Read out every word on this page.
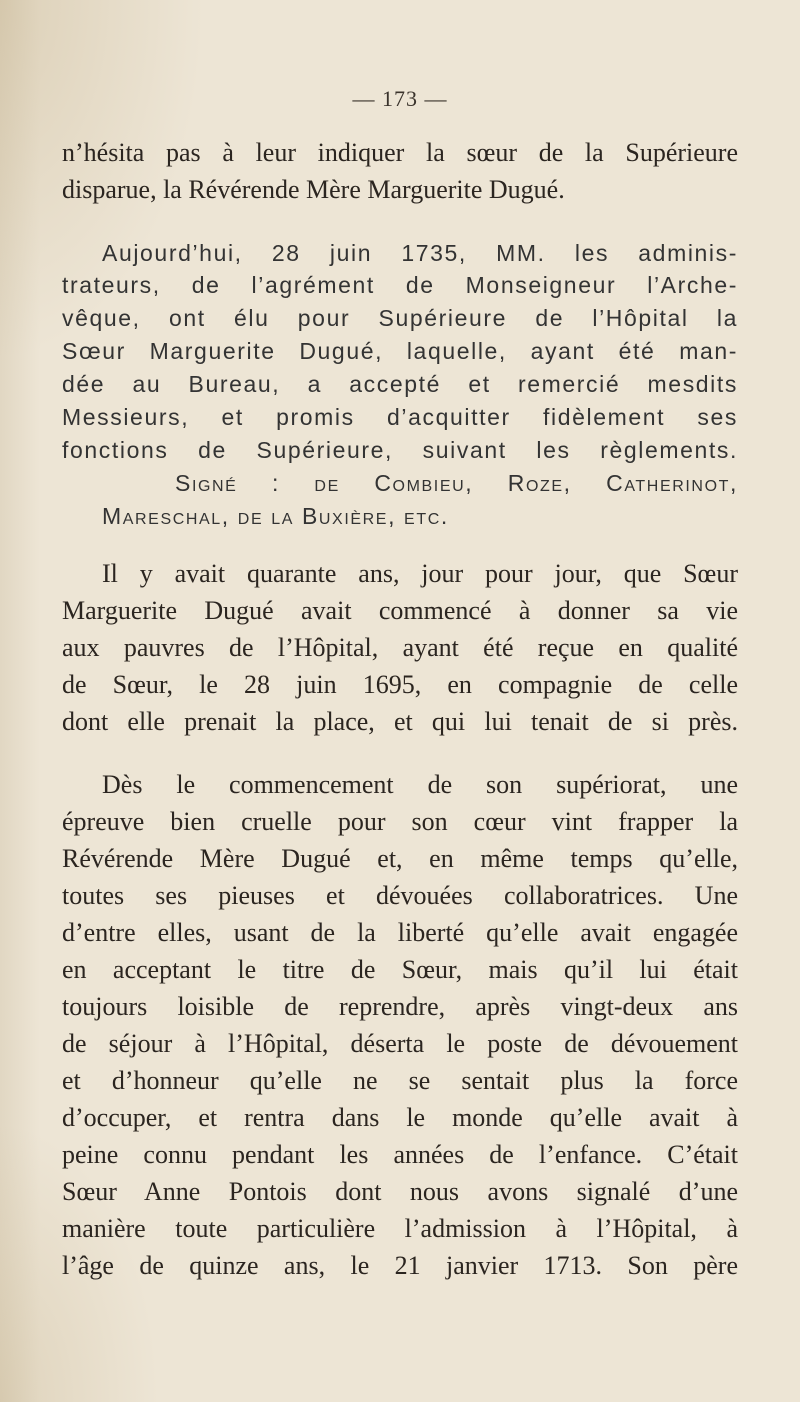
— 173 —
n’hésita pas à leur indiquer la sœur de la Supérieure
disparue, la Révérende Mère Marguerite Dugué.
Aujourd’hui, 28 juin 1735, MM. les adminis-
trateurs, de l’agrément de Monseigneur l’Arche-
vêque, ont élu pour Supérieure de l’Hôpital la
Sœur Marguerite Dugué, laquelle, ayant été man-
dée au Bureau, a accepté et remercié mesdits
Messieurs, et promis d’acquitter fidèlement ses
fonctions de Supérieure, suivant les règlements.
Signé : de Combieu, Roze, Catherinot,
Mareschal, de la Buxière, etc.
Il y avait quarante ans, jour pour jour, que Sœur
Marguerite Dugué avait commencé à donner sa vie
aux pauvres de l’Hôpital, ayant été reçue en qualité
de Sœur, le 28 juin 1695, en compagnie de celle
dont elle prenait la place, et qui lui tenait de si près.
Dès le commencement de son supériorat, une
épreuve bien cruelle pour son cœur vint frapper la
Révérende Mère Dugué et, en même temps qu’elle,
toutes ses pieuses et dévouées collaboratrices. Une
d’entre elles, usant de la liberté qu’elle avait engagée
en acceptant le titre de Sœur, mais qu’il lui était
toujours loisible de reprendre, après vingt-deux ans
de séjour à l’Hôpital, déserta le poste de dévouement
et d’honneur qu’elle ne se sentait plus la force
d’occuper, et rentra dans le monde qu’elle avait à
peine connu pendant les années de l’enfance. C’était
Sœur Anne Pontois dont nous avons signalé d’une
manière toute particulière l’admission à l’Hôpital, à
l’âge de quinze ans, le 21 janvier 1713. Son père
